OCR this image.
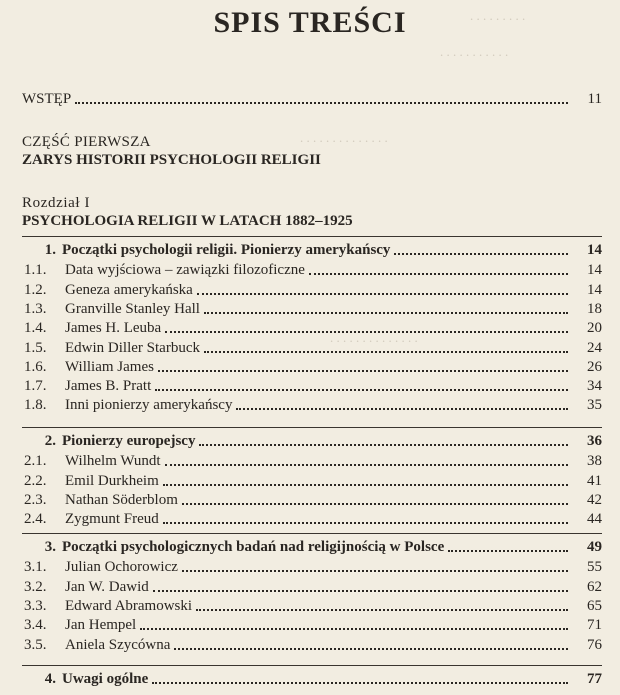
. . . . . . . . .
. . . . . . . . . . .
. . . . . . . . . . . . . .
. . . . . . . . . . . . . .
SPIS TREŚCI
WSTĘP	11
CZĘŚĆ PIERWSZA
ZARYS HISTORII PSYCHOLOGII RELIGII
Rozdział I
PSYCHOLOGIA RELIGII W LATACH 1882–1925
1. Początki psychologii religii. Pionierzy amerykańscy	14
1.1.	Data wyjściowa – zawiązki filozoficzne	14
1.2.	Geneza amerykańska	14
1.3.	Granville Stanley Hall	18
1.4.	James H. Leuba	20
1.5.	Edwin Diller Starbuck	24
1.6.	William James	26
1.7.	James B. Pratt	34
1.8.	Inni pionierzy amerykańscy	35
2. Pionierzy europejscy	36
2.1.	Wilhelm Wundt	38
2.2.	Emil Durkheim	41
2.3.	Nathan Söderblom	42
2.4.	Zygmunt Freud	44
3. Początki psychologicznych badań nad religijnością w Polsce	49
3.1.	Julian Ochorowicz	55
3.2.	Jan W. Dawid	62
3.3.	Edward Abramowski	65
3.4.	Jan Hempel	71
3.5.	Aniela Szycówna	76
4. Uwagi ogólne	77
